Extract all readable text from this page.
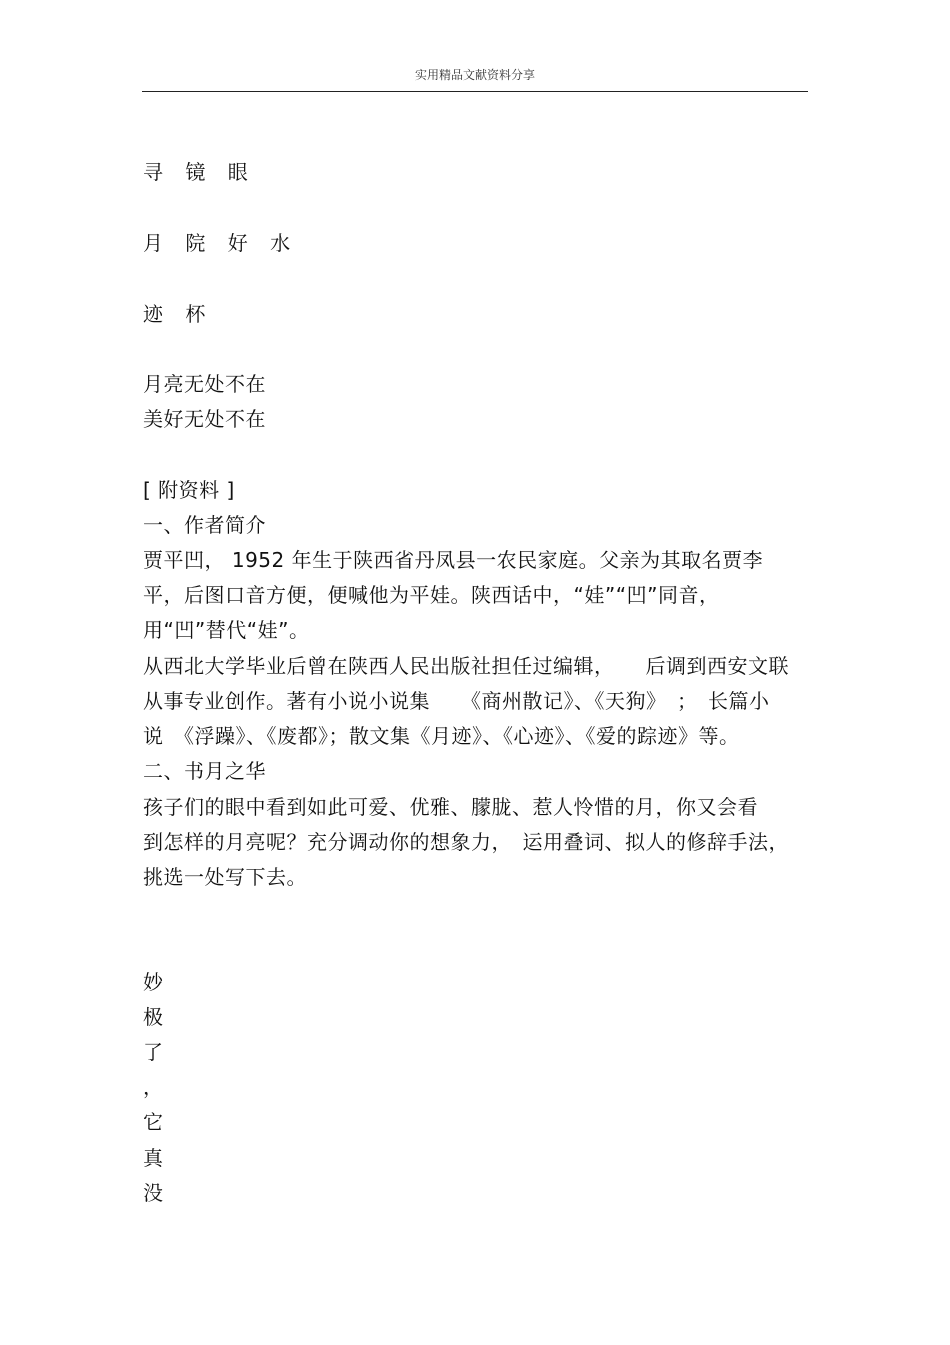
实用精品文献资料分享
寻 镜 眼
月 院 好 水
迹 杯
月亮无处不在
美好无处不在
[ 附资料 ]
一、作者简介
贾平凹， 1952 年生于陕西省丹凤县一农民家庭。父亲为其取名贾李
平，后图口音方便，便喊他为平娃。陕西话中，“娃”“凹”同音，
用“凹”替代“娃”。
从西北大学毕业后曾在陕西人民出版社担任过编辑，　　后调到西安文联
从事专业创作。著有小说小说集　　《商州散记》、《天狗》　；　长篇小
说　《浮躁》、《废都》；散文集《月迹》、《心迹》、《爱的踪迹》等。
二、书月之华
孩子们的眼中看到如此可爱、优雅、朦胧、惹人怜惜的月，你又会看
到怎样的月亮呢？充分调动你的想象力，　运用叠词、拟人的修辞手法，
挑选一处写下去。
妙
极
了
，
它
真
没
